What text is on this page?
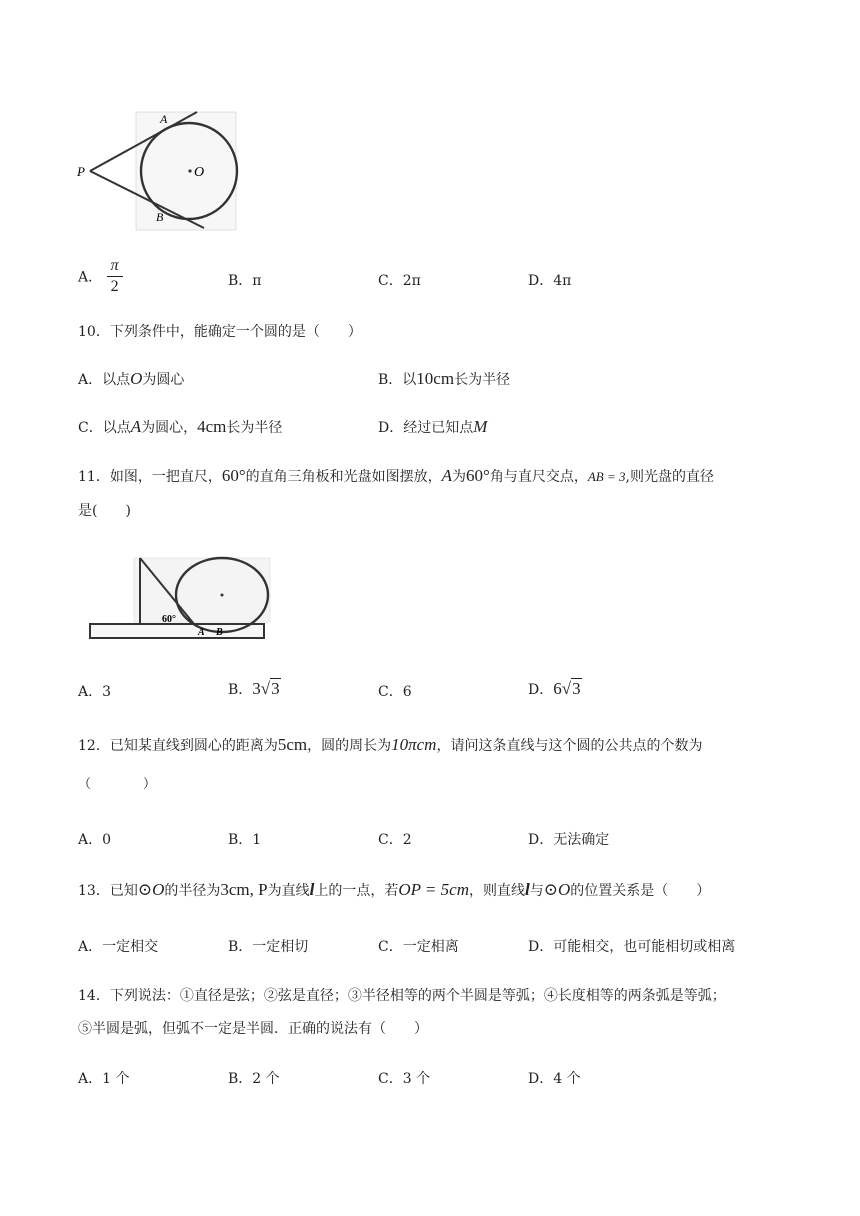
A
B
P	O
A． $\frac{\pi}{2}$	B．π	C．2π	D．4π
10．下列条件中，能确定一个圆的是（　　）
A．以点O为圆心	B．以10cm长为半径
C．以点A为圆心，4cm长为半径	D．经过已知点M
11．如图，一把直尺，60°的直角三角板和光盘如图摆放，A为60°角与直尺交点，AB = 3,则光盘的直径
是(　　)
60°
A B
A．3	B．3√3	C．6	D．6√3
12．已知某直线到圆心的距离为5cm，圆的周长为10πcm，请问这条直线与这个圆的公共点的个数为
（　　　　）
A．0	B．1	C．2	D．无法确定
13．已知⊙O的半径为3cm, P为直线l上的一点，若OP = 5cm，则直线l与⊙O的位置关系是（　　）
A．一定相交	B．一定相切	C．一定相离	D．可能相交，也可能相切或相离
14．下列说法：①直径是弦；②弦是直径；③半径相等的两个半圆是等弧；④长度相等的两条弧是等弧；
⑤半圆是弧，但弧不一定是半圆．正确的说法有（　　）
A．1 个	B．2 个	C．3 个	D．4 个
